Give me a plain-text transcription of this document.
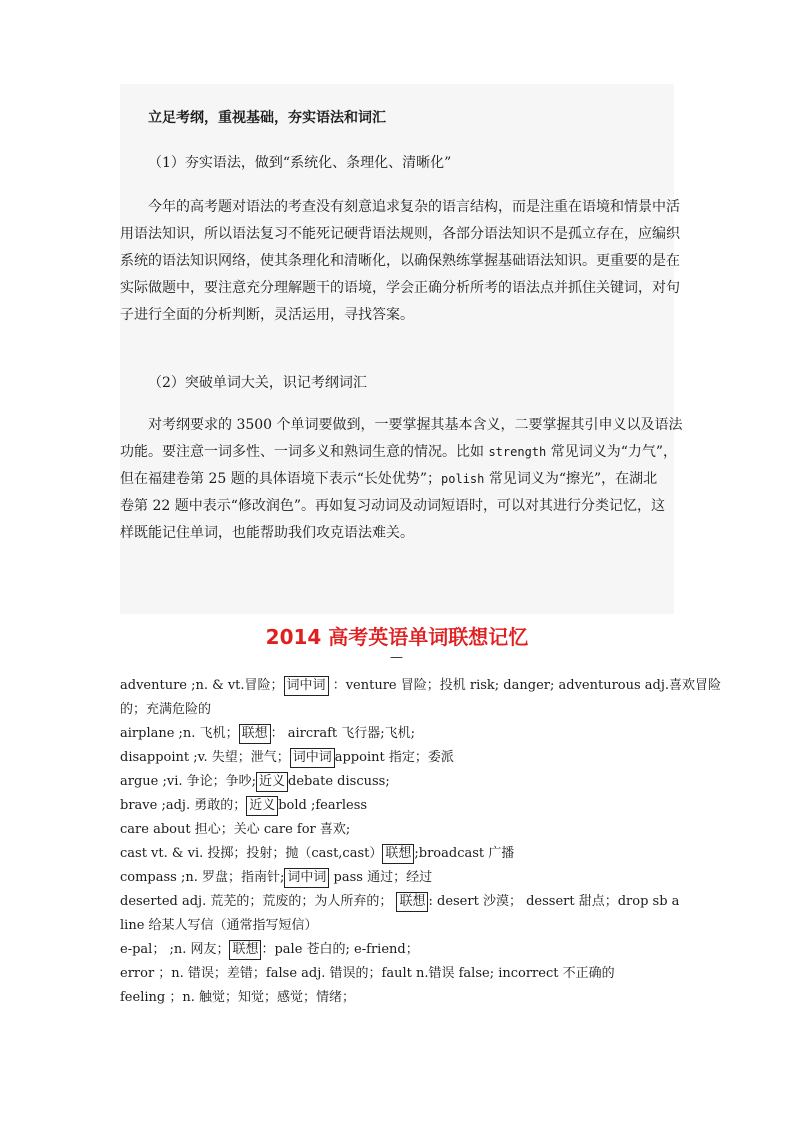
立足考纲，重视基础，夯实语法和词汇
（1）夯实语法，做到“系统化、条理化、清晰化”

今年的高考题对语法的考查没有刻意追求复杂的语言结构，而是注重在语境和情景中活

用语法知识，所以语法复习不能死记硬背语法规则，各部分语法知识不是孤立存在，应编织

系统的语法知识网络，使其条理化和清晰化，以确保熟练掌握基础语法知识。更重要的是在

实际做题中，要注意充分理解题干的语境，学会正确分析所考的语法点并抓住关键词，对句

子进行全面的分析判断，灵活运用，寻找答案。

（2）突破单词大关，识记考纲词汇

对考纲要求的 3500 个单词要做到，一要掌握其基本含义，二要掌握其引申义以及语法

功能。要注意一词多性、一词多义和熟词生意的情况。比如 strength 常见词义为“力气”，

但在福建卷第 25 题的具体语境下表示“长处优势”；polish 常见词义为“擦光”，在湖北

卷第 22 题中表示“修改润色”。再如复习动词及动词短语时，可以对其进行分类记忆，这

样既能记住单词，也能帮助我们攻克语法难关。

2014 高考英语单词联想记忆
—
adventure ;n. & vt.冒险； 词中词 ：venture 冒险；投机 risk; danger; adventurous adj.喜欢冒险
的；充满危险的
airplane ;n. 飞机； 联想 ： aircraft 飞行器;飞机;
disappoint ;v. 失望；泄气； 词中词 appoint 指定；委派
argue ;vi. 争论；争吵;近义debate discuss;
brave ;adj. 勇敢的；近义bold ;fearless
care about 担心；关心 care for 喜欢;
cast vt. & vi. 投掷；投射；抛（cast,cast） 联想 ;broadcast 广播
compass ;n. 罗盘；指南针; 词中词 pass 通过；经过
deserted adj. 荒芜的；荒废的；为人所弃的； 联想 : desert 沙漠； dessert 甜点；drop sb a
line 给某人写信（通常指写短信）
e-pal； ;n. 网友； 联想 ：pale 苍白的; e-friend；
error ；n. 错误；差错；false adj. 错误的；fault n.错误 false; incorrect 不正确的
feeling ；n. 触觉；知觉；感觉；情绪；
